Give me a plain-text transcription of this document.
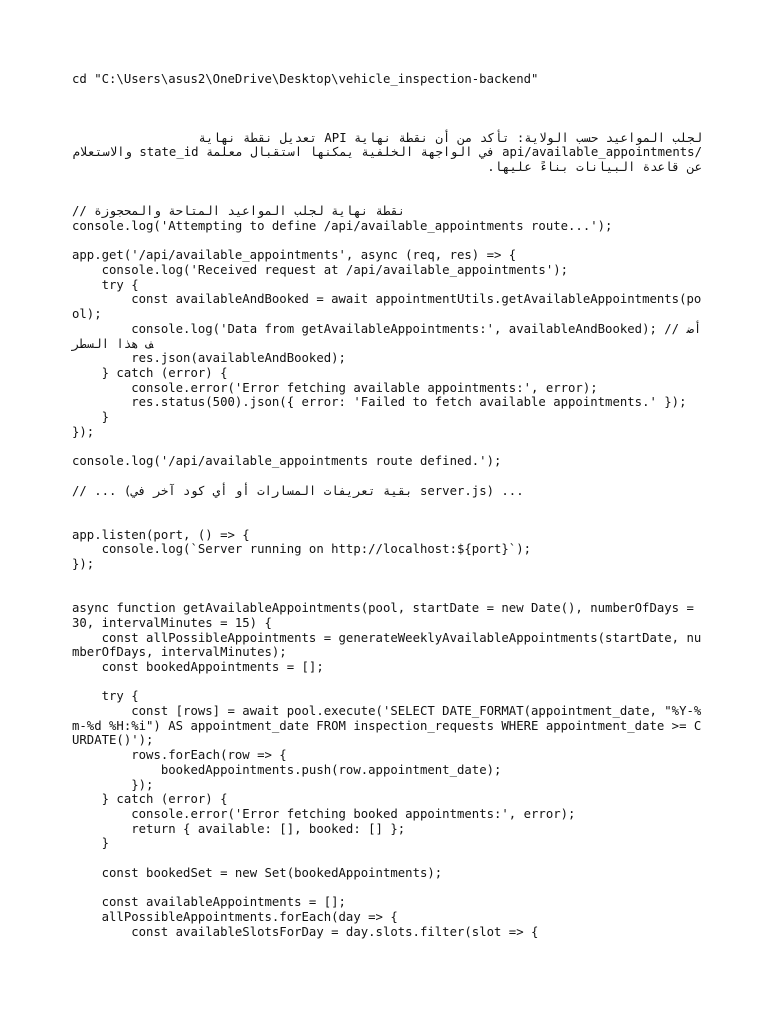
cd "C:\Users\asus2\OneDrive\Desktop\vehicle_inspection-backend"
لجلب المواعيد حسب الولاية: تأكد من أن نقطة نهاية API تعديل نقطة نهاية /api/available_appointments في الواجهة الخلفية يمكنها استقبال معلمة state_id والاستعلام عن قاعدة البيانات بناءً عليها.
// نقطة نهاية لجلب المواعيد المتاحة والمحجوزة
console.log('Attempting to define /api/available_appointments route...');
app.get('/api/available_appointments', async (req, res) => {
console.log('Received request at /api/available_appointments');
try {
const availableAndBooked = await appointmentUtils.getAvailableAppointments(pool);
console.log('Data from getAvailableAppointments:', availableAndBooked); // أضف هذا السطر
res.json(availableAndBooked);
} catch (error) {
console.error('Error fetching available appointments:', error);
res.status(500).json({ error: 'Failed to fetch available appointments.' });
}
});
console.log('/api/available_appointments route defined.');
// ... (بقية تعريفات المسارات أو أي كود آخر في server.js) ...
app.listen(port, () => {
console.log(`Server running on http://localhost:${port}`);
});
async function getAvailableAppointments(pool, startDate = new Date(), numberOfDays = 30, intervalMinutes = 15) {
const allPossibleAppointments = generateWeeklyAvailableAppointments(startDate, numberOfDays, intervalMinutes);
const bookedAppointments = [];
try {
const [rows] = await pool.execute('SELECT DATE_FORMAT(appointment_date, "%Y-%m-%d %H:%i") AS appointment_date FROM inspection_requests WHERE appointment_date >= CURDATE()');
rows.forEach(row => {
bookedAppointments.push(row.appointment_date);
});
} catch (error) {
console.error('Error fetching booked appointments:', error);
return { available: [], booked: [] };
}
const bookedSet = new Set(bookedAppointments);
const availableAppointments = [];
allPossibleAppointments.forEach(day => {
const availableSlotsForDay = day.slots.filter(slot => {
